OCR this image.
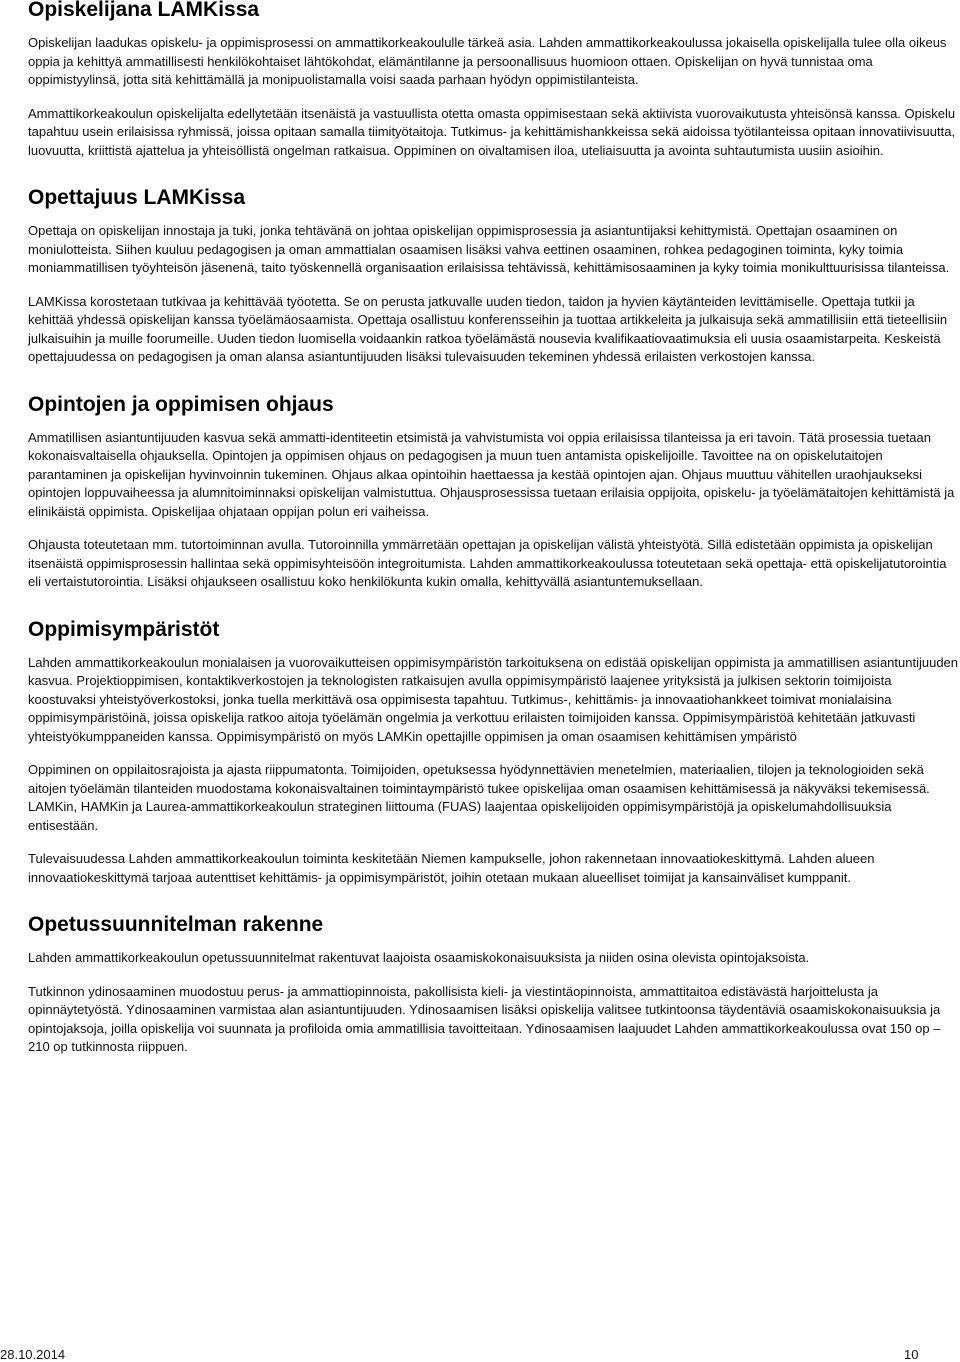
Opiskelijana LAMKissa

Opiskelijan laadukas opiskelu- ja oppimisprosessi on ammattikorkeakoululle tärkeä asia. Lahden ammattikorkeakoulussa jokaisella opiskelijalla tulee olla oikeus oppia ja kehittyä ammatillisesti henkilökohtaiset lähtökohdat, elämäntilanne ja persoonallisuus huomioon ottaen. Opiskelijan on hyvä tunnistaa oma oppimistyylinsä, jotta sitä kehittämällä ja monipuolistamalla voisi saada parhaan hyödyn oppimistilanteista.

Ammattikorkeakoulun opiskelijalta edellytetään itsenäistä ja vastuullista otetta omasta oppimisestaan sekä aktiivista vuorovaikutusta yhteisönsä kanssa. Opiskelu tapahtuu usein erilaisissa ryhmissä, joissa opitaan samalla tiimityötaitoja. Tutkimus- ja kehittämishankkeissa sekä aidoissa työtilanteissa opitaan innovatiivisuutta, luovuutta, kriittistä ajattelua ja yhteisöllistä ongelman ratkaisua. Oppiminen on oivaltamisen iloa, uteliaisuutta ja avointa suhtautumista uusiin asioihin.

Opettajuus LAMKissa

Opettaja on opiskelijan innostaja ja tuki, jonka tehtävänä on johtaa opiskelijan oppimisprosessia ja asiantuntijaksi kehittymistä. Opettajan osaaminen on moniulotteista. Siihen kuuluu pedagogisen ja oman ammattialan osaamisen lisäksi vahva eettinen osaaminen, rohkea pedagoginen toiminta, kyky toimia moniammatillisen työyhteisön jäsenenä, taito työskennellä organisaation erilaisissa tehtävissä, kehittämisosaaminen ja kyky toimia monikulttuurisissa tilanteissa.

LAMKissa korostetaan tutkivaa ja kehittävää työotetta. Se on perusta jatkuvalle uuden tiedon, taidon ja hyvien käytänteiden levittämiselle. Opettaja tutkii ja kehittää yhdessä opiskelijan kanssa työelämäosaamista. Opettaja osallistuu konferensseihin ja tuottaa artikkeleita ja julkaisuja sekä ammatillisiin että tieteellisiin julkaisuihin ja muille foorumeille. Uuden tiedon luomisella voidaankin ratkoa työelämästä nousevia kvalifikaatiovaatimuksia eli uusia osaamistarpeita. Keskeistä opettajuudessa on pedagogisen ja oman alansa asiantuntijuuden lisäksi tulevaisuuden tekeminen yhdessä erilaisten verkostojen kanssa.

Opintojen ja oppimisen ohjaus

Ammatillisen asiantuntijuuden kasvua sekä ammatti-identiteetin etsimistä ja vahvistumista voi oppia erilaisissa tilanteissa ja eri tavoin. Tätä prosessia tuetaan kokonaisvaltaisella ohjauksella. Opintojen ja oppimisen ohjaus on pedagogisen ja muun tuen antamista opiskelijoille. Tavoittee na on opiskelutaitojen parantaminen ja opiskelijan hyvinvoinnin tukeminen. Ohjaus alkaa opintoihin haettaessa ja kestää opintojen ajan. Ohjaus muuttuu vähitellen uraohjaukseksi opintojen loppuvaiheessa ja alumnitoiminnaksi opiskelijan valmistuttua. Ohjausprosessissa tuetaan erilaisia oppijoita, opiskelu- ja työelämätaitojen kehittämistä ja elinikäistä oppimista. Opiskelijaa ohjataan oppijan polun eri vaiheissa.

Ohjausta toteutetaan mm. tutortoiminnan avulla. Tutoroinnilla ymmärretään opettajan ja opiskelijan välistä yhteistyötä. Sillä edistetään oppimista ja opiskelijan itsenäistä oppimisprosessin hallintaa sekä oppimisyhteisöön integroitumista. Lahden ammattikorkeakoulussa toteutetaan sekä opettaja- että opiskelijatutorointia eli vertaistutorointia. Lisäksi ohjaukseen osallistuu koko henkilökunta kukin omalla, kehittyvällä asiantuntemuksellaan.

Oppimisympäristöt

Lahden ammattikorkeakoulun monialaisen ja vuorovaikutteisen oppimisympäristön tarkoituksena on edistää opiskelijan oppimista ja ammatillisen asiantuntijuuden kasvua. Projektioppimisen, kontaktikverkostojen ja teknologisten ratkaisujen avulla oppimisympäristö laajenee yrityksistä ja julkisen sektorin toimijoista koostuvaksi yhteistyöverkostoksi, jonka tuella merkittävä osa oppimisesta tapahtuu. Tutkimus-, kehittämis- ja innovaatiohankkeet toimivat monialaisina oppimisympäristöinä, joissa opiskelija ratkoo aitoja työelämän ongelmia ja verkottuu erilaisten toimijoiden kanssa. Oppimisympäristöä kehitetään jatkuvasti yhteistyökumppaneiden kanssa. Oppimisympäristö on myös LAMKin opettajille oppimisen ja oman osaamisen kehittämisen ympäristö

Oppiminen on oppilaitosrajoista ja ajasta riippumatonta. Toimijoiden, opetuksessa hyödynnettävien menetelmien, materiaalien, tilojen ja teknologioiden sekä aitojen työelämän tilanteiden muodostama kokonaisvaltainen toimintaympäristö tukee opiskelijaa oman osaamisen kehittämisessä ja näkyväksi tekemisessä. LAMKin, HAMKin ja Laurea-ammattikorkeakoulun strateginen liittouma (FUAS) laajentaa opiskelijoiden oppimisympäristöjä ja opiskelumahdollisuuksia entisestään.

Tulevaisuudessa Lahden ammattikorkeakoulun toiminta keskitetään Niemen kampukselle, johon rakennetaan innovaatiokeskittymä. Lahden alueen innovaatiokeskittymä tarjoaa autenttiset kehittämis- ja oppimisympäristöt, joihin otetaan mukaan alueelliset toimijat ja kansainväliset kumppanit.

Opetussuunnitelman rakenne

Lahden ammattikorkeakoulun opetussuunnitelmat rakentuvat laajoista osaamiskokonaisuuksista ja niiden osina olevista opintojaksoista.

Tutkinnon ydinosaaminen muodostuu perus- ja ammattiopinnoista, pakollisista kieli- ja viestintäopinnoista, ammattitaitoa edistävästä harjoittelusta ja opinnäytetyöstä. Ydinosaaminen varmistaa alan asiantuntijuuden. Ydinosaamisen lisäksi opiskelija valitsee tutkintoonsa täydentäviä osaamiskokonaisuuksia ja opintojaksoja, joilla opiskelija voi suunnata ja profiloida omia ammatillisia tavoitteitaan. Ydinosaamisen laajuudet Lahden ammattikorkeakoulussa ovat 150 op – 210 op tutkinnosta riippuen.

28.10.2014	10
